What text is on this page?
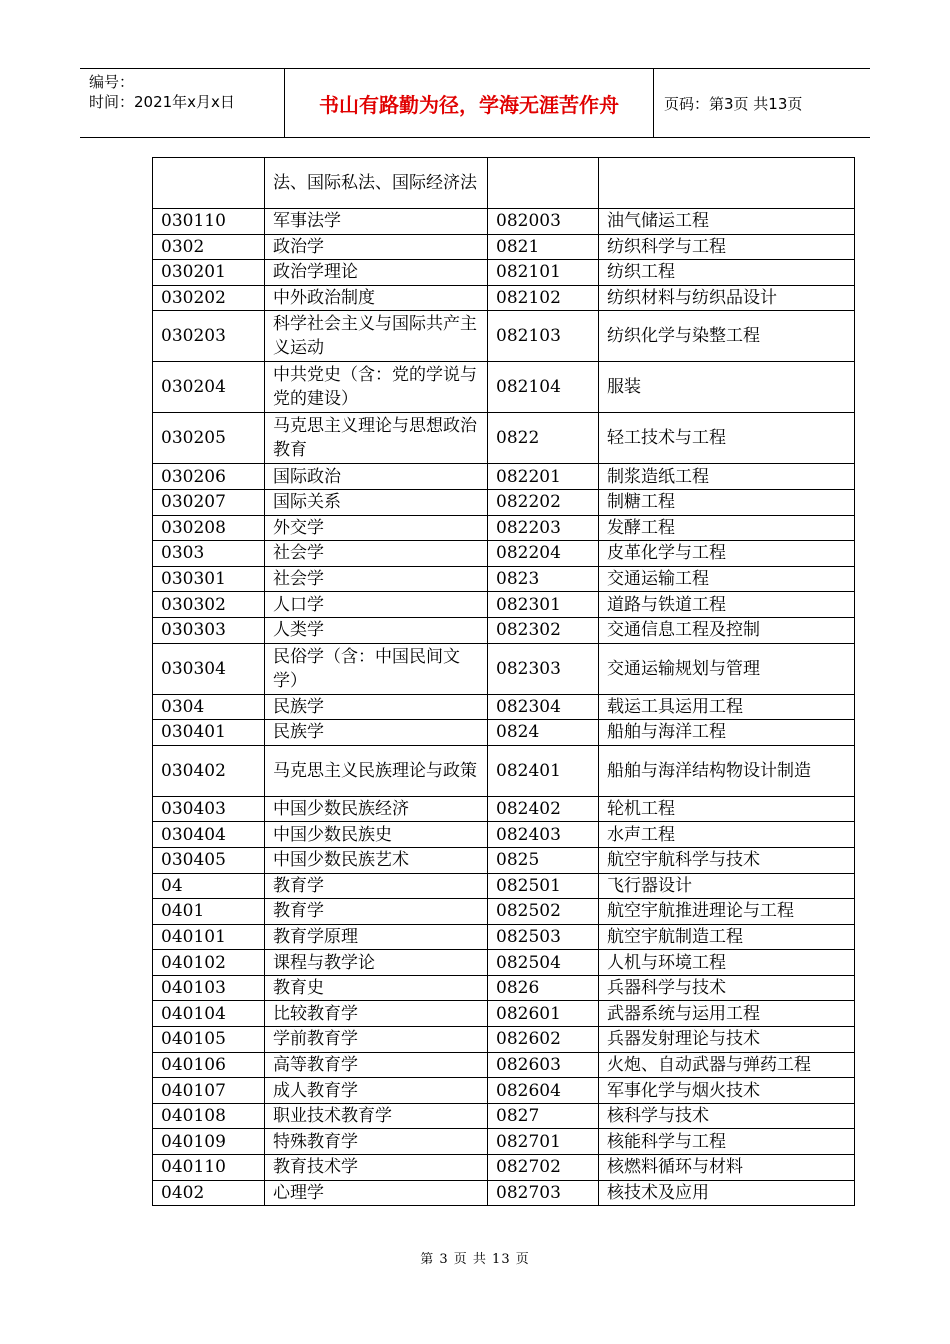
编号：
时间：2021年x月x日	书山有路勤为径，学海无涯苦作舟	页码：第3页 共13页
	法、国际私法、国际经济法		
030110	军事法学	082003	油气储运工程
0302	政治学	0821	纺织科学与工程
030201	政治学理论	082101	纺织工程
030202	中外政治制度	082102	纺织材料与纺织品设计
030203	科学社会主义与国际共产主义运动	082103	纺织化学与染整工程
030204	中共党史（含：党的学说与党的建设）	082104	服装
030205	马克思主义理论与思想政治教育	0822	轻工技术与工程
030206	国际政治	082201	制浆造纸工程
030207	国际关系	082202	制糖工程
030208	外交学	082203	发酵工程
0303	社会学	082204	皮革化学与工程
030301	社会学	0823	交通运输工程
030302	人口学	082301	道路与铁道工程
030303	人类学	082302	交通信息工程及控制
030304	民俗学（含：中国民间文学）	082303	交通运输规划与管理
0304	民族学	082304	载运工具运用工程
030401	民族学	0824	船舶与海洋工程
030402	马克思主义民族理论与政策	082401	船舶与海洋结构物设计制造
030403	中国少数民族经济	082402	轮机工程
030404	中国少数民族史	082403	水声工程
030405	中国少数民族艺术	0825	航空宇航科学与技术
04	教育学	082501	飞行器设计
0401	教育学	082502	航空宇航推进理论与工程
040101	教育学原理	082503	航空宇航制造工程
040102	课程与教学论	082504	人机与环境工程
040103	教育史	0826	兵器科学与技术
040104	比较教育学	082601	武器系统与运用工程
040105	学前教育学	082602	兵器发射理论与技术
040106	高等教育学	082603	火炮、自动武器与弹药工程
040107	成人教育学	082604	军事化学与烟火技术
040108	职业技术教育学	0827	核科学与技术
040109	特殊教育学	082701	核能科学与工程
040110	教育技术学	082702	核燃料循环与材料
0402	心理学	082703	核技术及应用
第 3 页 共 13 页
